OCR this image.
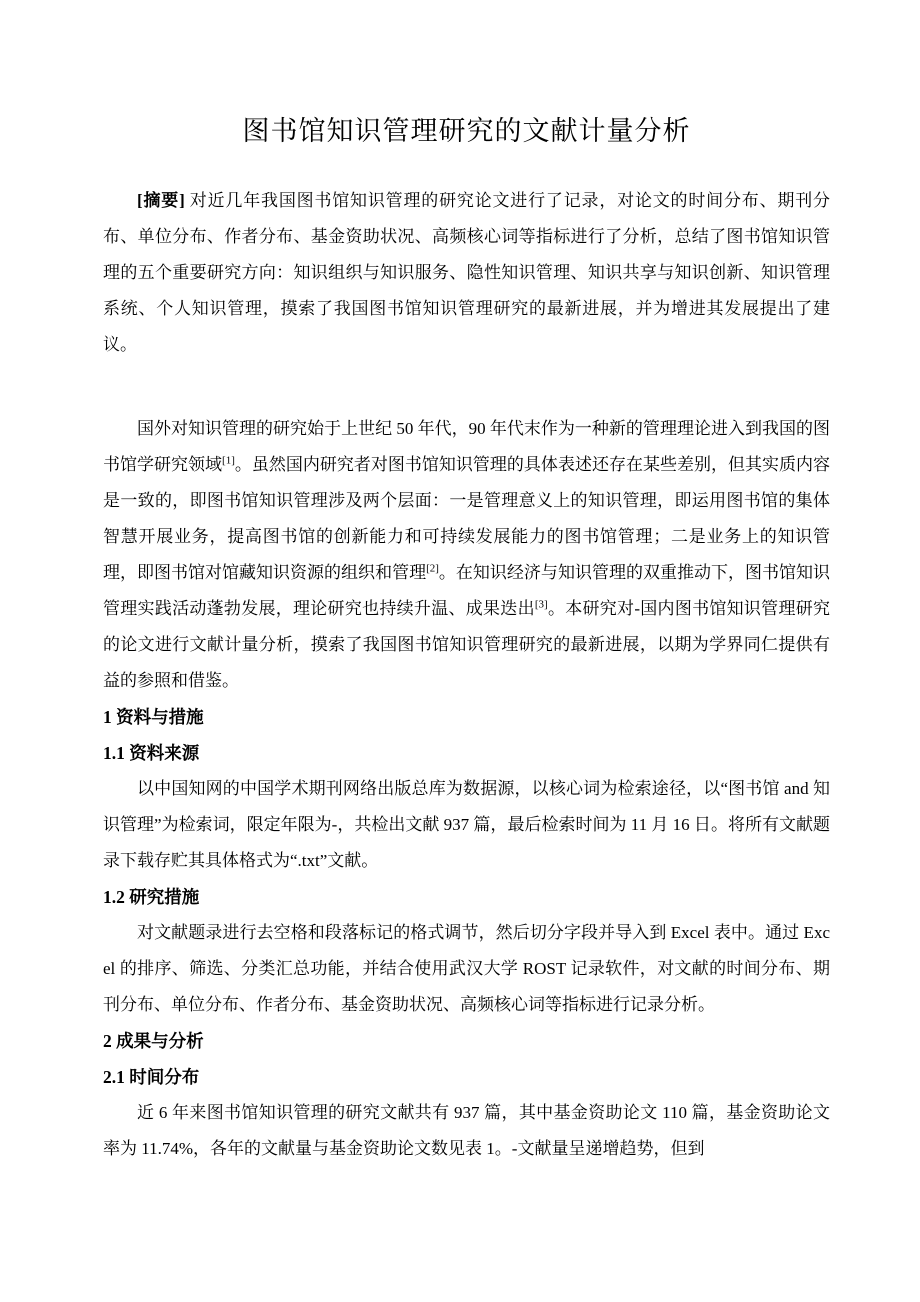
图书馆知识管理研究的文献计量分析

[摘要] 对近几年我国图书馆知识管理的研究论文进行了记录，对论文的时间分布、期刊分布、单位分布、作者分布、基金资助状况、高频核心词等指标进行了分析，总结了图书馆知识管理的五个重要研究方向：知识组织与知识服务、隐性知识管理、知识共享与知识创新、知识管理系统、个人知识管理，摸索了我国图书馆知识管理研究的最新进展，并为增进其发展提出了建议。

国外对知识管理的研究始于上世纪 50 年代，90 年代末作为一种新的管理理论进入到我国的图书馆学研究领域[1]。虽然国内研究者对图书馆知识管理的具体表述还存在某些差别，但其实质内容是一致的，即图书馆知识管理涉及两个层面：一是管理意义上的知识管理，即运用图书馆的集体智慧开展业务，提高图书馆的创新能力和可持续发展能力的图书馆管理；二是业务上的知识管理，即图书馆对馆藏知识资源的组织和管理[2]。在知识经济与知识管理的双重推动下，图书馆知识管理实践活动蓬勃发展，理论研究也持续升温、成果迭出[3]。本研究对-国内图书馆知识管理研究的论文进行文献计量分析，摸索了我国图书馆知识管理研究的最新进展，以期为学界同仁提供有益的参照和借鉴。

1 资料与措施
1.1 资料来源

以中国知网的中国学术期刊网络出版总库为数据源，以核心词为检索途径，以“图书馆 and 知识管理”为检索词，限定年限为-，共检出文献 937 篇，最后检索时间为 11 月 16 日。将所有文献题录下载存贮其具体格式为“.txt”文献。

1.2 研究措施

对文献题录进行去空格和段落标记的格式调节，然后切分字段并导入到 Excel 表中。通过 Excel 的排序、筛选、分类汇总功能，并结合使用武汉大学 ROST 记录软件，对文献的时间分布、期刊分布、单位分布、作者分布、基金资助状况、高频核心词等指标进行记录分析。

2 成果与分析
2.1 时间分布

近 6 年来图书馆知识管理的研究文献共有 937 篇，其中基金资助论文 110 篇，基金资助论文率为 11.74%，各年的文献量与基金资助论文数见表 1。-文献量呈递增趋势，但到
